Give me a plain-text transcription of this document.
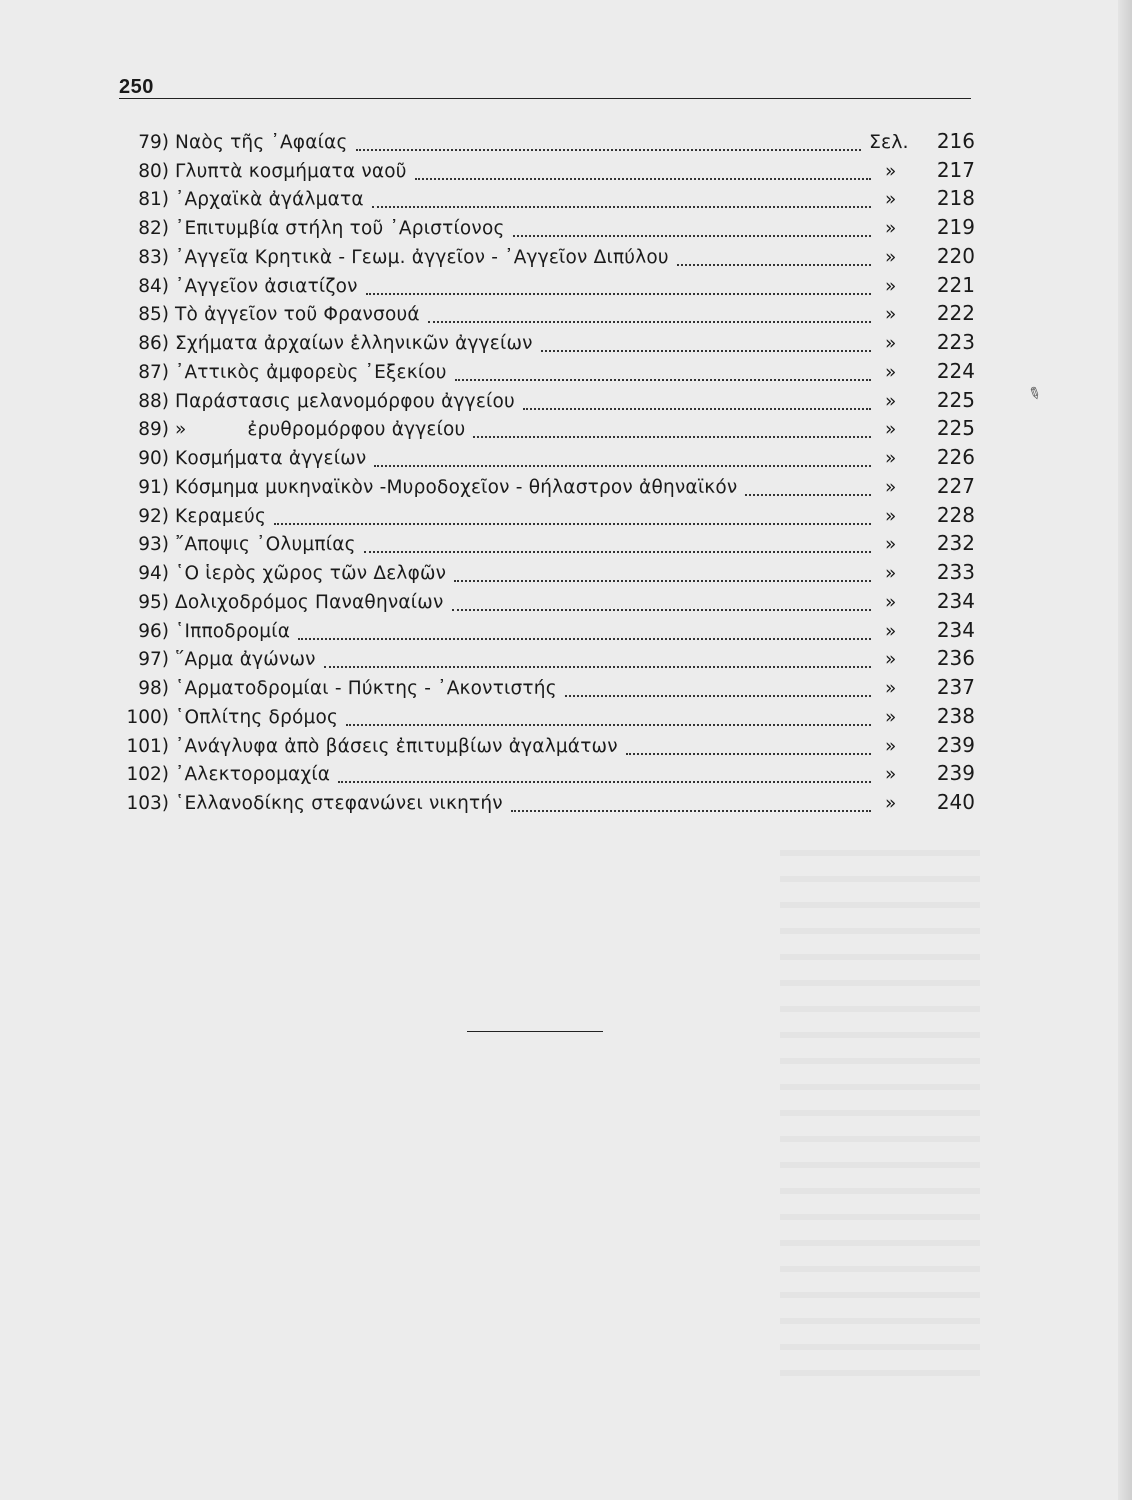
250
79) Ναὸς τῆς ᾿Αφαίας	Σελ. 216
80) Γλυπτὰ κοσμήματα ναοῦ	» 217
81) ᾿Αρχαϊκὰ ἀγάλματα	» 218
82) ᾿Επιτυμβία στήλη τοῦ ᾿Αριστίονος	» 219
83) ᾿Αγγεῖα Κρητικὰ - Γεωμ. ἀγγεῖον - ᾿Αγγεῖον Διπύλου	» 220
84) ᾿Αγγεῖον ἀσιατίζον	» 221
85) Τὸ ἀγγεῖον τοῦ Φρανσουά	» 222
86) Σχήματα ἀρχαίων ἑλληνικῶν ἀγγείων	» 223
87) ᾿Αττικὸς ἀμφορεὺς ᾿Εξεκίου	» 224
88) Παράστασις μελανομόρφου ἀγγείου	» 225
89) »          ἐρυθρομόρφου ἀγγείου	» 225
90) Κοσμήματα ἀγγείων	» 226
91) Κόσμημα μυκηναϊκὸν -Μυροδοχεῖον - θήλαστρον ἀθηναϊκόν	» 227
92) Κεραμεύς	» 228
93) ῎Αποψις ᾿Ολυμπίας	» 232
94) ῾Ο ἱερὸς χῶρος τῶν Δελφῶν	» 233
95) Δολιχοδρόμος Παναθηναίων	» 234
96) ῾Ιπποδρομία	» 234
97) ῞Αρμα ἀγώνων	» 236
98) ῾Αρματοδρομίαι - Πύκτης - ᾿Ακοντιστής	» 237
100) ῾Οπλίτης δρόμος	» 238
101) ᾿Ανάγλυφα ἀπὸ βάσεις ἐπιτυμβίων ἀγαλμάτων	» 239
102) ᾿Αλεκτορομαχία	» 239
103) ῾Ελλανοδίκης στεφανώνει νικητήν	» 240
✎
